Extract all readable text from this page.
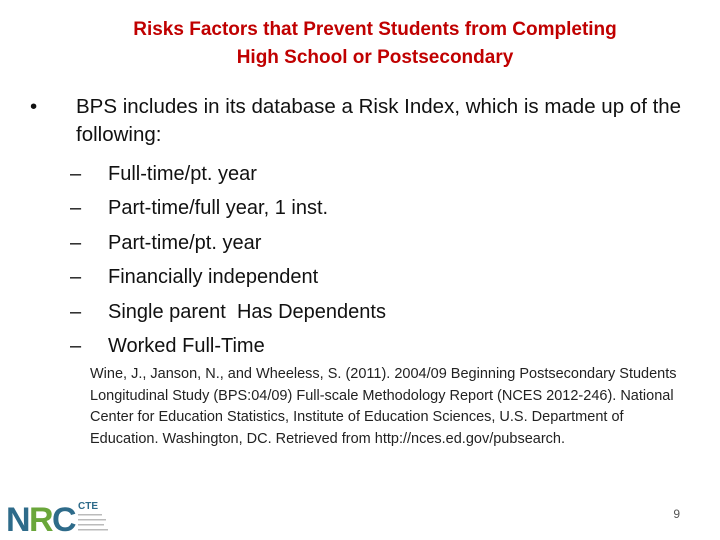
Risks Factors that Prevent Students from Completing
High School or Postsecondary
•	BPS includes in its database a Risk Index, which is made up of the following:
–	Full-time/pt. year
–	Part-time/full year, 1 inst.
–	Part-time/pt. year
–	Financially independent
–	Single parent  Has Dependents
–	Worked Full-Time
Wine, J., Janson, N., and Wheeless, S. (2011). 2004/09 Beginning Postsecondary Students Longitudinal Study (BPS:04/09) Full-scale Methodology Report (NCES 2012-246). National Center for Education Statistics, Institute of Education Sciences, U.S. Department of Education. Washington, DC. Retrieved from http://nces.ed.gov/pubsearch.
N
R
C CTE
9
